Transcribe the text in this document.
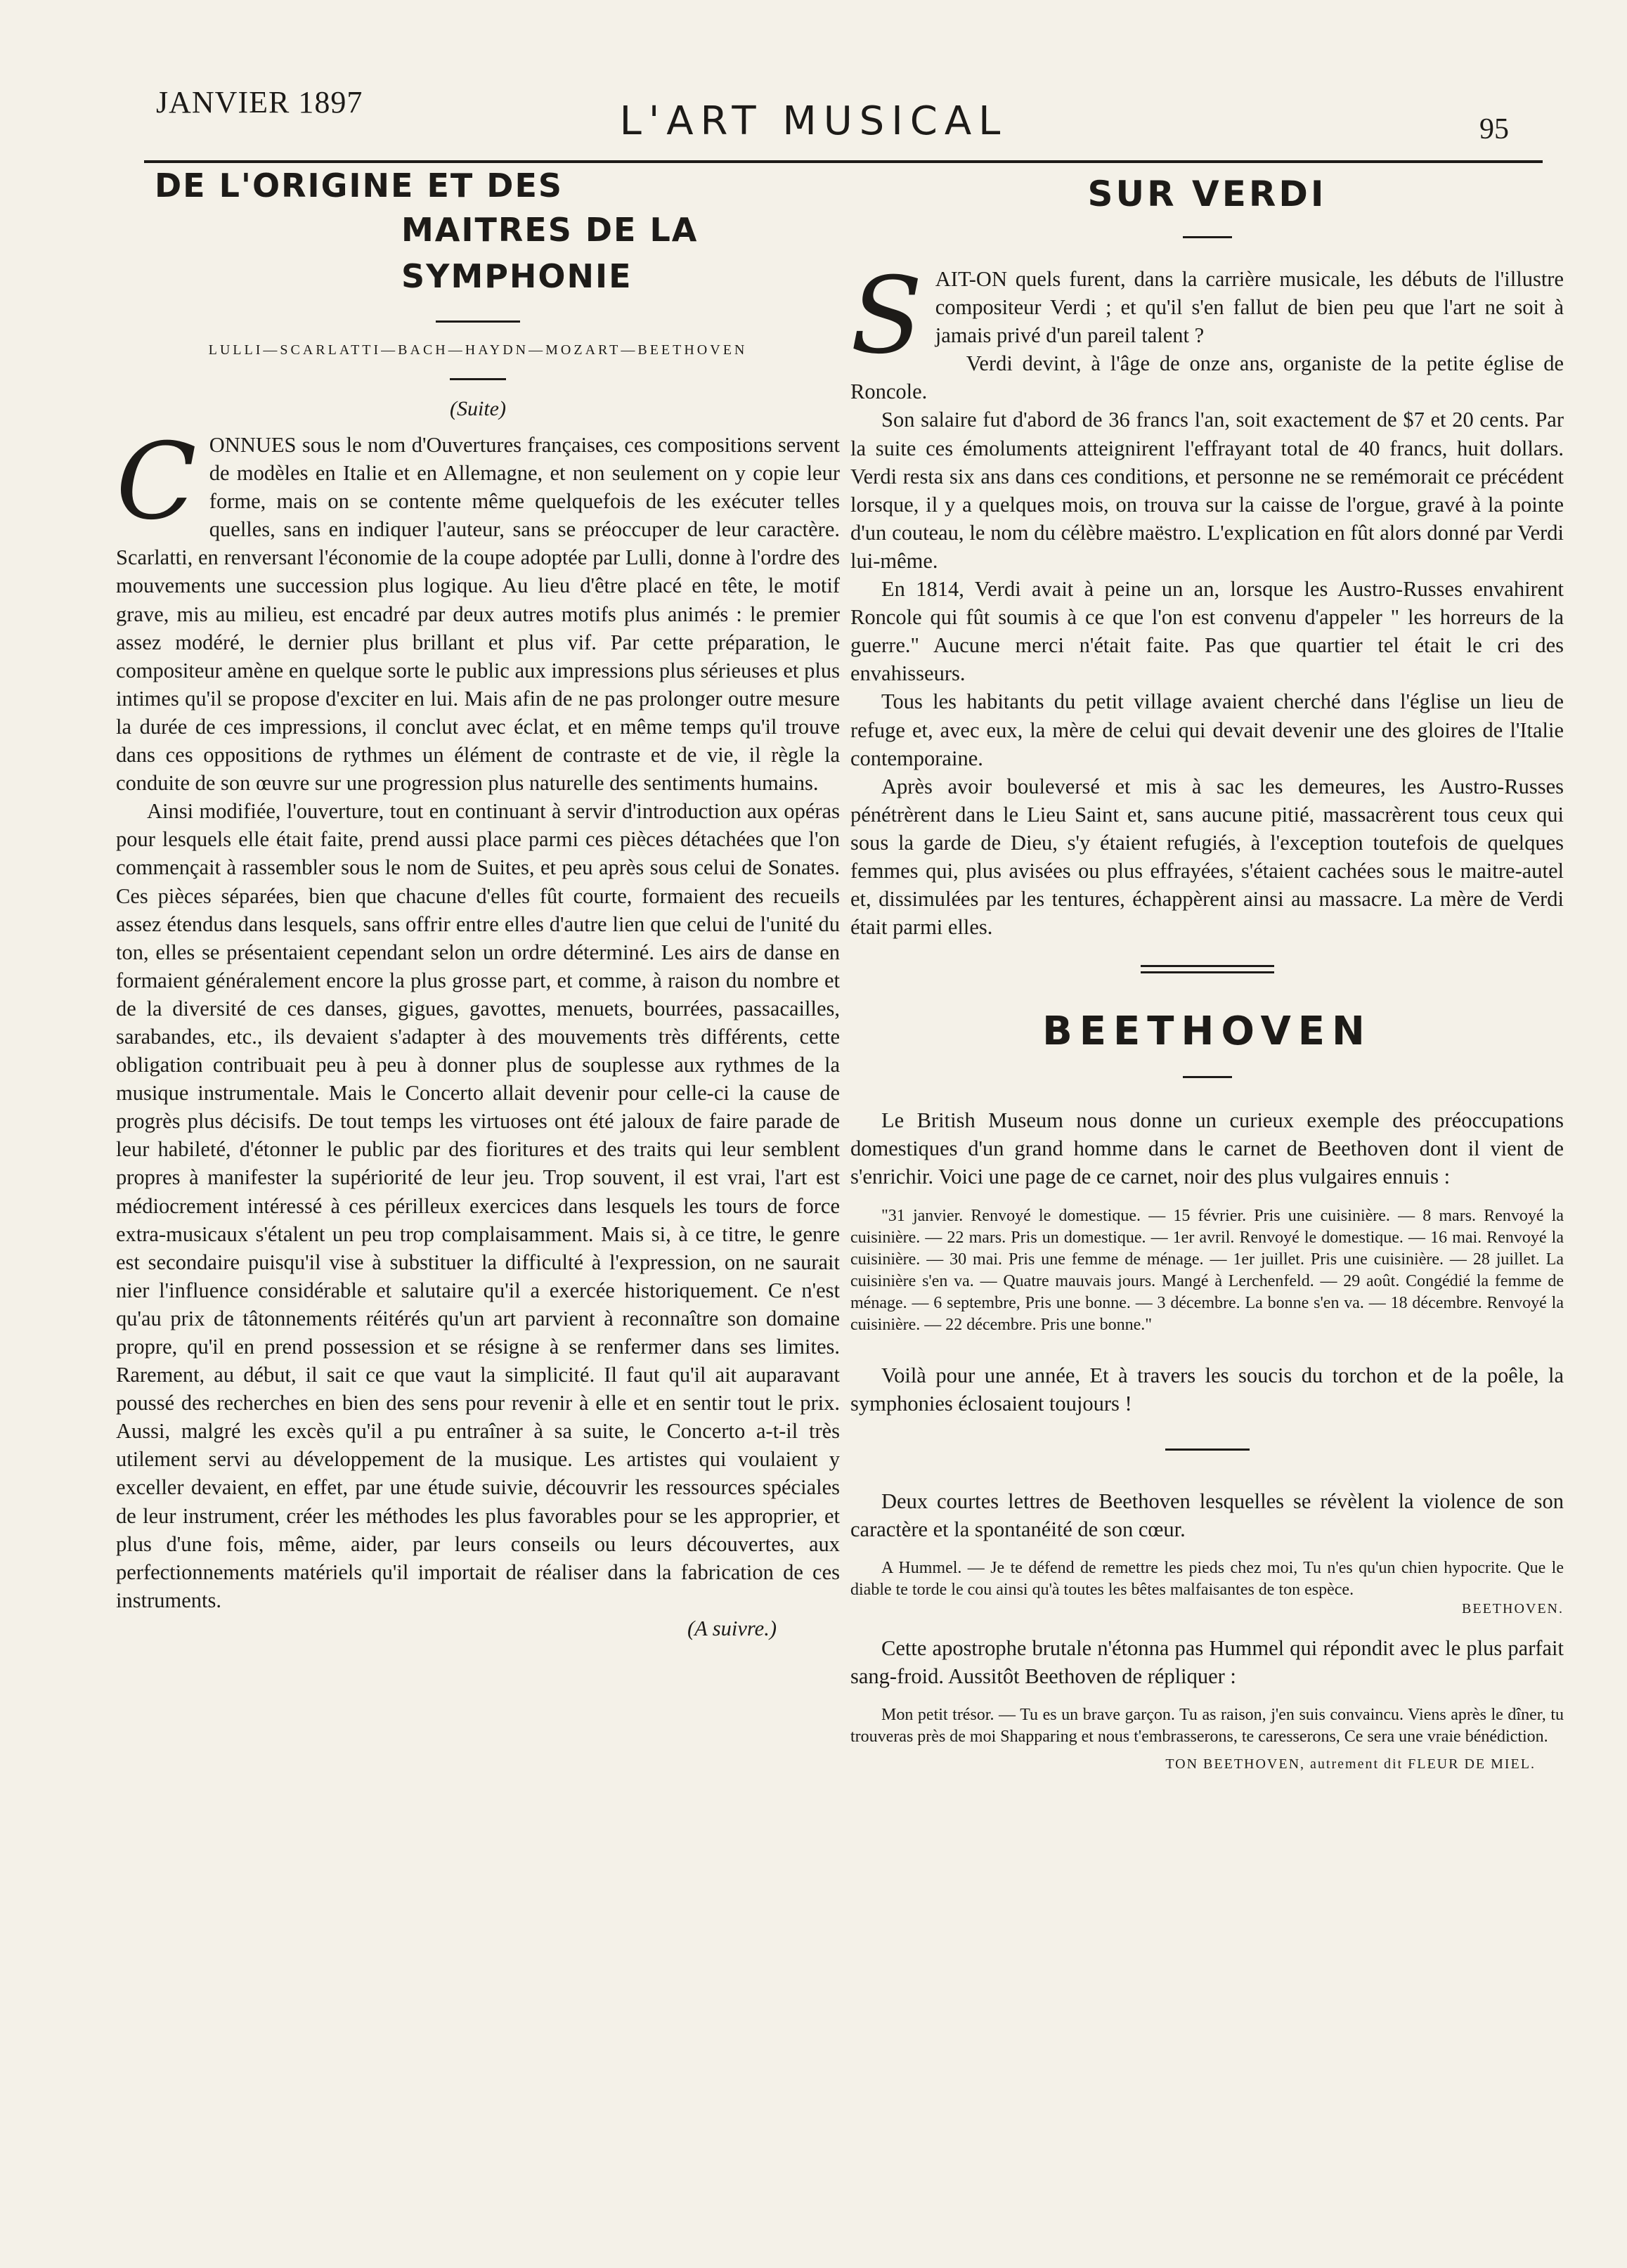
JANVIER 1897	L'ART MUSICAL	95
DE L'ORIGINE ET DES
MAITRES DE LA SYMPHONIE

LULLI—SCARLATTI—BACH—HAYDN—MOZART—BEETHOVEN

(Suite)

C ONNUES sous le nom d'Ouvertures françaises, ces compositions servent de modèles en Italie et en Allemagne, et non seulement on y copie leur forme, mais on se contente même quelquefois de les exécuter telles quelles, sans en indiquer l'auteur, sans se préoccuper de leur caractère. Scarlatti, en renversant l'économie de la coupe adoptée par Lulli, donne à l'ordre des mouvements une succession plus logique. Au lieu d'être placé en tête, le motif grave, mis au milieu, est encadré par deux autres motifs plus animés : le premier assez modéré, le dernier plus brillant et plus vif. Par cette préparation, le compositeur amène en quelque sorte le public aux impressions plus sérieuses et plus intimes qu'il se propose d'exciter en lui. Mais afin de ne pas prolonger outre mesure la durée de ces impressions, il conclut avec éclat, et en même temps qu'il trouve dans ces oppositions de rythmes un élément de contraste et de vie, il règle la conduite de son œuvre sur une progression plus naturelle des sentiments humains.

Ainsi modifiée, l'ouverture, tout en continuant à servir d'introduction aux opéras pour lesquels elle était faite, prend aussi place parmi ces pièces détachées que l'on commençait à rassembler sous le nom de Suites, et peu après sous celui de Sonates. Ces pièces séparées, bien que chacune d'elles fût courte, formaient des recueils assez étendus dans lesquels, sans offrir entre elles d'autre lien que celui de l'unité du ton, elles se présentaient cependant selon un ordre déterminé. Les airs de danse en formaient généralement encore la plus grosse part, et comme, à raison du nombre et de la diversité de ces danses, gigues, gavottes, menuets, bourrées, passacailles, sarabandes, etc., ils devaient s'adapter à des mouvements très différents, cette obligation contribuait peu à peu à donner plus de souplesse aux rythmes de la musique instrumentale. Mais le Concerto allait devenir pour celle-ci la cause de progrès plus décisifs. De tout temps les virtuoses ont été jaloux de faire parade de leur habileté, d'étonner le public par des fioritures et des traits qui leur semblent propres à manifester la supériorité de leur jeu. Trop souvent, il est vrai, l'art est médiocrement intéressé à ces périlleux exercices dans lesquels les tours de force extra-musicaux s'étalent un peu trop complaisamment. Mais si, à ce titre, le genre est secondaire puisqu'il vise à substituer la difficulté à l'expression, on ne saurait nier l'influence considérable et salutaire qu'il a exercée historiquement. Ce n'est qu'au prix de tâtonnements réitérés qu'un art parvient à reconnaître son domaine propre, qu'il en prend possession et se résigne à se renfermer dans ses limites. Rarement, au début, il sait ce que vaut la simplicité. Il faut qu'il ait auparavant poussé des recherches en bien des sens pour revenir à elle et en sentir tout le prix. Aussi, malgré les excès qu'il a pu entraîner à sa suite, le Concerto a-t-il très utilement servi au développement de la musique. Les artistes qui voulaient y exceller devaient, en effet, par une étude suivie, découvrir les ressources spéciales de leur instrument, créer les méthodes les plus favorables pour se les approprier, et plus d'une fois, même, aider, par leurs conseils ou leurs découvertes, aux perfectionnements matériels qu'il importait de réaliser dans la fabrication de ces instruments.

(A suivre.)

SUR VERDI
S AIT-ON quels furent, dans la carrière musicale, les débuts de l'illustre compositeur Verdi ; et qu'il s'en fallut de bien peu que l'art ne soit à jamais privé d'un pareil talent ?

Verdi devint, à l'âge de onze ans, organiste de la petite église de Roncole.

Son salaire fut d'abord de 36 francs l'an, soit exactement de $7 et 20 cents. Par la suite ces émoluments atteignirent l'effrayant total de 40 francs, huit dollars. Verdi resta six ans dans ces conditions, et personne ne se remémorait ce précédent lorsque, il y a quelques mois, on trouva sur la caisse de l'orgue, gravé à la pointe d'un couteau, le nom du célèbre maëstro. L'explication en fût alors donné par Verdi lui-même.

En 1814, Verdi avait à peine un an, lorsque les Austro-Russes envahirent Roncole qui fût soumis à ce que l'on est convenu d'appeler " les horreurs de la guerre." Aucune merci n'était faite. Pas que quartier tel était le cri des envahisseurs.

Tous les habitants du petit village avaient cherché dans l'église un lieu de refuge et, avec eux, la mère de celui qui devait devenir une des gloires de l'Italie contemporaine.

Après avoir bouleversé et mis à sac les demeures, les Austro-Russes pénétrèrent dans le Lieu Saint et, sans aucune pitié, massacrèrent tous ceux qui sous la garde de Dieu, s'y étaient refugiés, à l'exception toutefois de quelques femmes qui, plus avisées ou plus effrayées, s'étaient cachées sous le maitre-autel et, dissimulées par les tentures, échappèrent ainsi au massacre. La mère de Verdi était parmi elles.

BEETHOVEN

Le British Museum nous donne un curieux exemple des préoccupations domestiques d'un grand homme dans le carnet de Beethoven dont il vient de s'enrichir. Voici une page de ce carnet, noir des plus vulgaires ennuis :

"31 janvier. Renvoyé le domestique. — 15 février. Pris une cuisinière. — 8 mars. Renvoyé la cuisinière. — 22 mars. Pris un domestique. — 1er avril. Renvoyé le domestique. — 16 mai. Renvoyé la cuisinière. — 30 mai. Pris une femme de ménage. — 1er juillet. Pris une cuisinière. — 28 juillet. La cuisinière s'en va. — Quatre mauvais jours. Mangé à Lerchenfeld. — 29 août. Congédié la femme de ménage. — 6 septembre, Pris une bonne. — 3 décembre. La bonne s'en va. — 18 décembre. Renvoyé la cuisinière. — 22 décembre. Pris une bonne."

Voilà pour une année, Et à travers les soucis du torchon et de la poêle, la symphonies éclosaient toujours !

Deux courtes lettres de Beethoven lesquelles se révèlent la violence de son caractère et la spontanéité de son cœur.

A Hummel. — Je te défend de remettre les pieds chez moi, Tu n'es qu'un chien hypocrite. Que le diable te torde le cou ainsi qu'à toutes les bêtes malfaisantes de ton espèce.

BEETHOVEN.

Cette apostrophe brutale n'étonna pas Hummel qui répondit avec le plus parfait sang-froid. Aussitôt Beethoven de répliquer :

Mon petit trésor. — Tu es un brave garçon. Tu as raison, j'en suis convaincu. Viens après le dîner, tu trouveras près de moi Shapparing et nous t'embrasserons, te caresserons, Ce sera une vraie bénédiction.

TON BEETHOVEN, autrement dit FLEUR DE MIEL.
